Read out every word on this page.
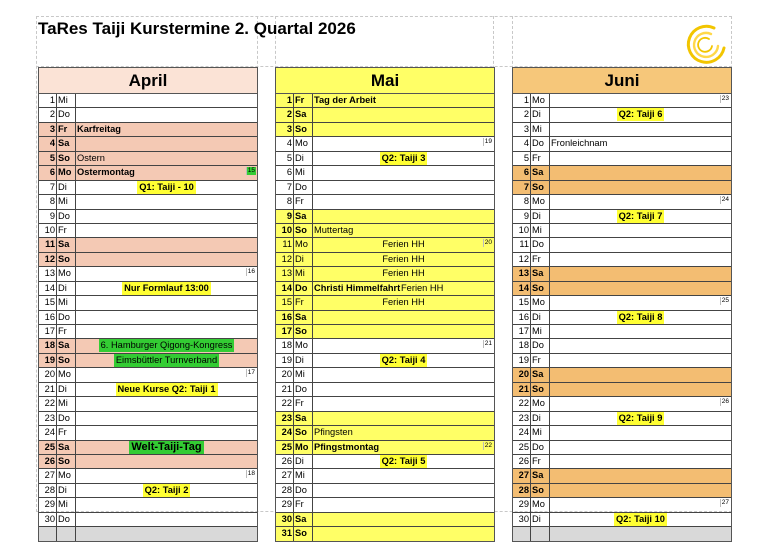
TaRes Taiji Kurstermine 2. Quartal 2026
April
1 Mi
2 Do
3 Fr	Karfreitag
4 Sa
5 So Ostern
6 Mo Ostermontag	15
7 Di	Q1: Taiji - 10
8 Mi
9 Do
10 Fr
11 Sa
12 So
13 Mo	16
14 Di	Nur Formlauf 13:00
15 Mi
16 Do
17 Fr
18 Sa	6. Hamburger Qigong-Kongress
19 So	Eimsbüttler Turnverband
20 Mo	17
21 Di	Neue Kurse Q2: Taiji 1
22 Mi
23 Do
24 Fr
25 Sa	Welt-Taiji-Tag
26 So
27 Mo	18
28 Di	Q2: Taiji 2
29 Mi
30 Do
Mai
1 Fr	Tag der Arbeit
2 Sa
3 So
4 Mo	19
5 Di	Q2: Taiji 3
6 Mi
7 Do
8 Fr
9 Sa
10 So Muttertag
11 Mo	Ferien HH	20
12 Di	Ferien HH
13 Mi	Ferien HH
14 Do Christi Himmelfahrt Ferien HH
15 Fr	Ferien HH
16 Sa
17 So
18 Mo	21
19 Di	Q2: Taiji 4
20 Mi
21 Do
22 Fr
23 Sa
24 So Pfingsten
25 Mo Pfingstmontag	22
26 Di	Q2: Taiji 5
27 Mi
28 Do
29 Fr
30 Sa
31 So
Juni
1 Mo	23
2 Di	Q2: Taiji 6
3 Mi
4 Do Fronleichnam
5 Fr
6 Sa
7 So
8 Mo	24
9 Di	Q2: Taiji 7
10 Mi
11 Do
12 Fr
13 Sa
14 So
15 Mo	25
16 Di	Q2: Taiji 8
17 Mi
18 Do
19 Fr
20 Sa
21 So
22 Mo	26
23 Di	Q2: Taiji 9
24 Mi
25 Do
26 Fr
27 Sa
28 So
29 Mo	27
30 Di	Q2: Taiji 10
